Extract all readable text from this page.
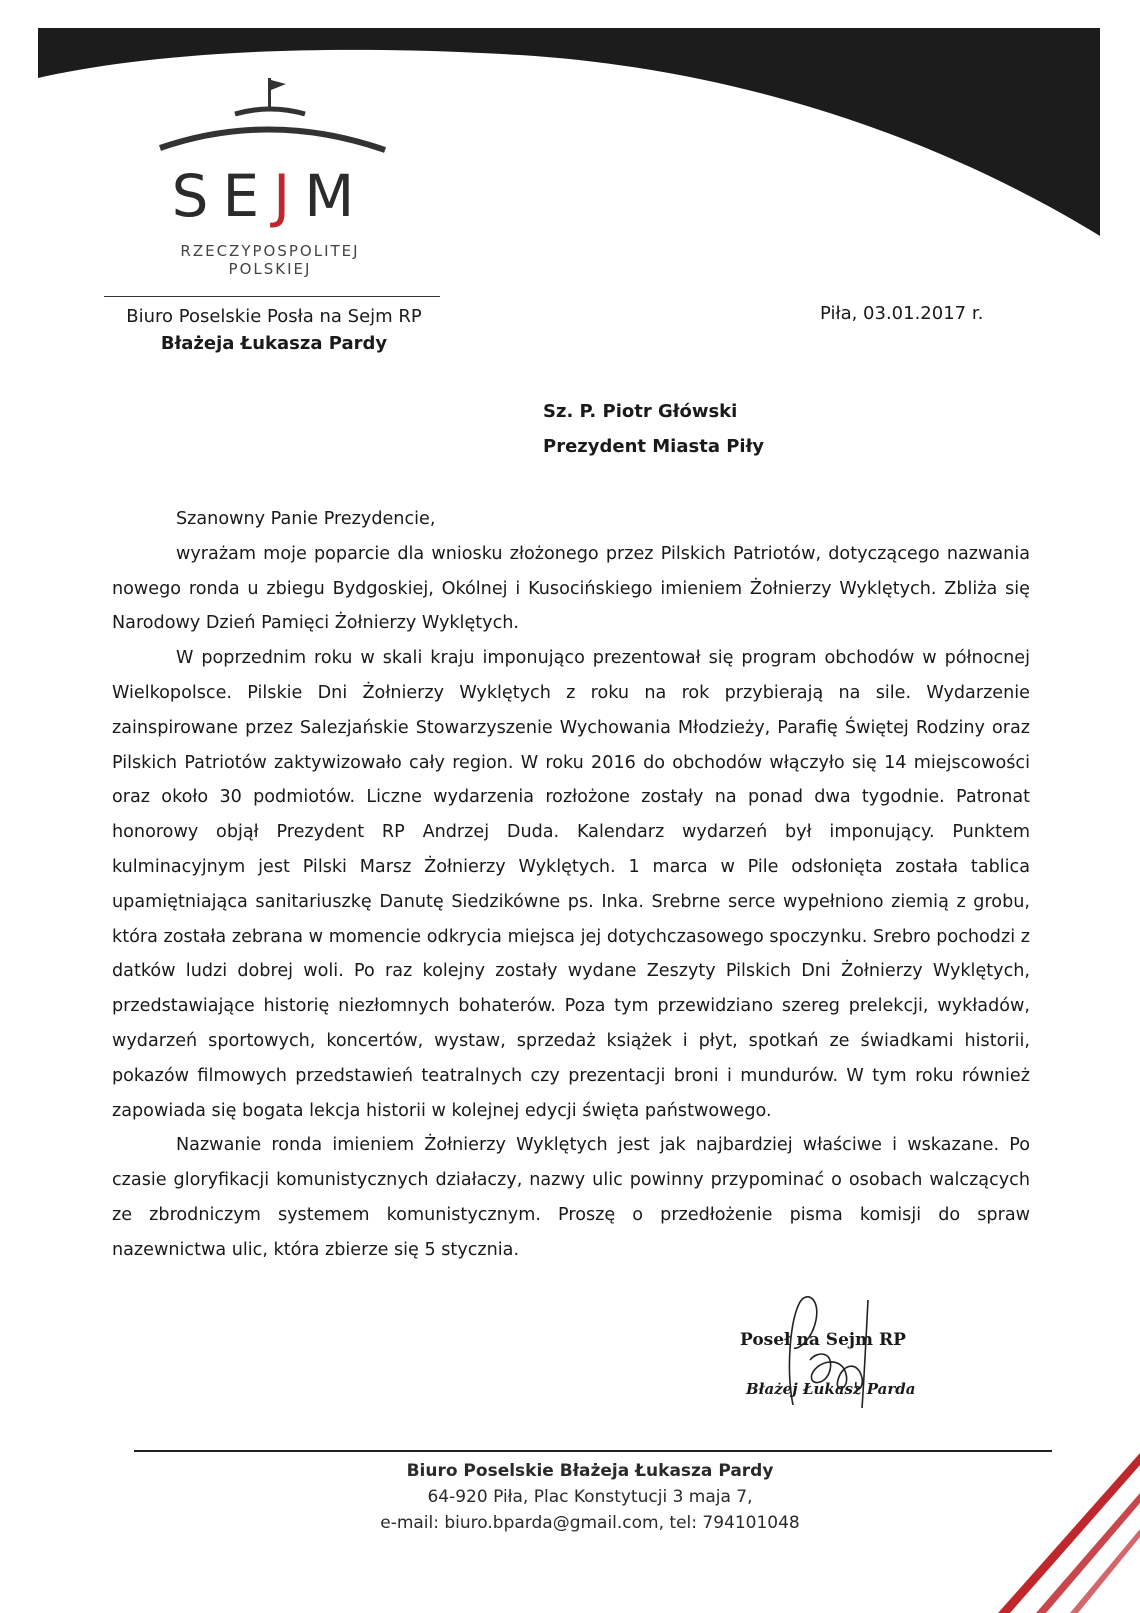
SEJM
RZECZYPOSPOLITEJ POLSKIEJ
Biuro Poselskie Posła na Sejm RP
Błażeja Łukasza Pardy
Piła, 03.01.2017 r.
Sz. P. Piotr Główski
Prezydent Miasta Piły

Szanowny Panie Prezydencie,

wyrażam moje poparcie dla wniosku złożonego przez Pilskich Patriotów, dotyczącego nazwania nowego ronda u zbiegu Bydgoskiej, Okólnej i Kusocińskiego imieniem Żołnierzy Wyklętych. Zbliża się Narodowy Dzień Pamięci Żołnierzy Wyklętych.

W poprzednim roku w skali kraju imponująco prezentował się program obchodów w północnej Wielkopolsce. Pilskie Dni Żołnierzy Wyklętych z roku na rok przybierają na sile. Wydarzenie zainspirowane przez Salezjańskie Stowarzyszenie Wychowania Młodzieży, Parafię Świętej Rodziny oraz Pilskich Patriotów zaktywizowało cały region. W roku 2016 do obchodów włączyło się 14 miejscowości oraz około 30 podmiotów. Liczne wydarzenia rozłożone zostały na ponad dwa tygodnie. Patronat honorowy objął Prezydent RP Andrzej Duda. Kalendarz wydarzeń był imponujący. Punktem kulminacyjnym jest Pilski Marsz Żołnierzy Wyklętych. 1 marca w Pile odsłonięta została tablica upamiętniająca sanitariuszkę Danutę Siedzikówne ps. Inka. Srebrne serce wypełniono ziemią z grobu, która została zebrana w momencie odkrycia miejsca jej dotychczasowego spoczynku. Srebro pochodzi z datków ludzi dobrej woli. Po raz kolejny zostały wydane Zeszyty Pilskich Dni Żołnierzy Wyklętych, przedstawiające historię niezłomnych bohaterów. Poza tym przewidziano szereg prelekcji, wykładów, wydarzeń sportowych, koncertów, wystaw, sprzedaż książek i płyt, spotkań ze świadkami historii, pokazów filmowych przedstawień teatralnych czy prezentacji broni i mundurów. W tym roku również zapowiada się bogata lekcja historii w kolejnej edycji święta państwowego.

Nazwanie ronda imieniem Żołnierzy Wyklętych jest jak najbardziej właściwe i wskazane. Po czasie gloryfikacji komunistycznych działaczy, nazwy ulic powinny przypominać o osobach walczących ze zbrodniczym systemem komunistycznym. Proszę o przedłożenie pisma komisji do spraw nazewnictwa ulic, która zbierze się 5 stycznia.

Poseł na Sejm RP
Błażej Łukasz Parda
Biuro Poselskie Błażeja Łukasza Pardy
64-920 Piła, Plac Konstytucji 3 maja 7,
e-mail: biuro.bparda@gmail.com, tel: 794101048
